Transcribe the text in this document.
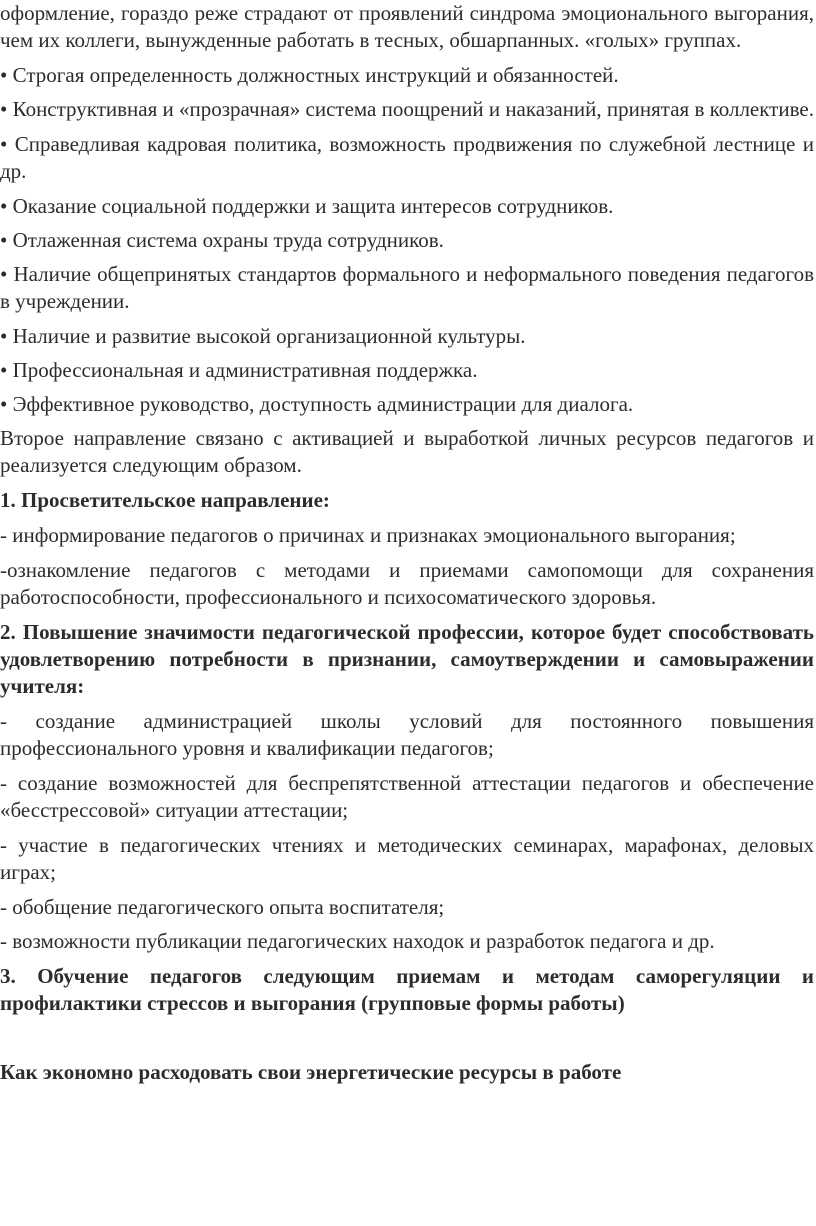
оформление, гораздо реже страдают от проявлений синдрома эмоционального выгорания, чем их коллеги, вынужденные работать в тесных, обшарпанных. «голых» группах.

• Строгая определенность должностных инструкций и обязанностей.

• Конструктивная и «прозрачная» система поощрений и наказаний, принятая в коллективе.

• Справедливая кадровая политика, возможность продвижения по служебной лестнице и др.

• Оказание социальной поддержки и защита интересов сотрудников.

• Отлаженная система охраны труда сотрудников.

• Наличие общепринятых стандартов формального и неформального поведения педагогов в учреждении.

• Наличие и развитие высокой организационной культуры.

• Профессиональная и административная поддержка.

• Эффективное руководство, доступность администрации для диалога.

Второе направление связано с активацией и выработкой личных ресурсов педагогов и реализуется следующим образом.

1. Просветительское направление:

- информирование педагогов о причинах и признаках эмоционального выгорания;

-ознакомление педагогов с методами и приемами самопомощи для сохранения работоспособности, профессионального и психосоматического здоровья.

2. Повышение значимости педагогической профессии, которое будет способствовать удовлетворению потребности в признании, самоутверждении и самовыражении учителя:

- создание администрацией школы условий для постоянного повышения профессионального уровня и квалификации педагогов;

- создание возможностей для беспрепятственной аттестации педагогов и обеспечение «бесстрессовой» ситуации аттестации;

- участие в педагогических чтениях и методических семинарах, марафонах, деловых играх;

- обобщение педагогического опыта воспитателя;

- возможности публикации педагогических находок и разработок педагога и др.

3. Обучение педагогов следующим приемам и методам саморегуляции и профилактики стрессов и выгорания (групповые формы работы)

Как экономно расходовать свои энергетические ресурсы в работе
